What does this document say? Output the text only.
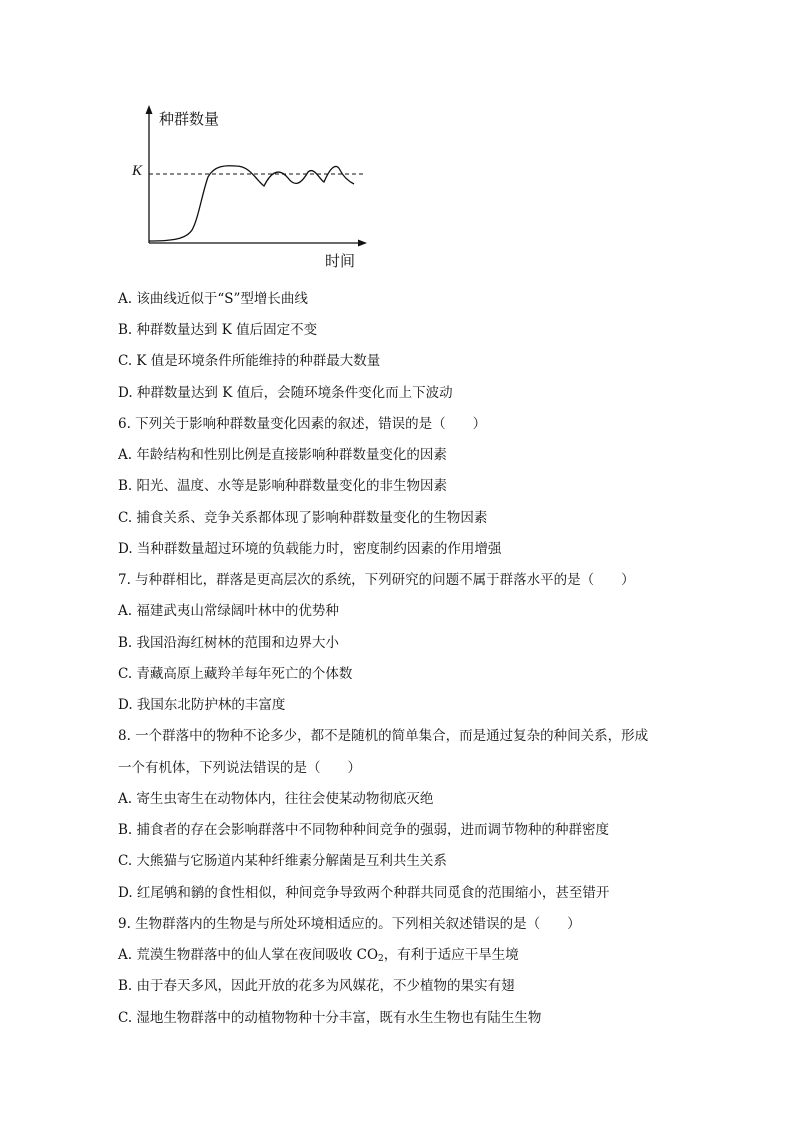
K
种群数量
时间
A. 该曲线近似于“S”型增长曲线
B. 种群数量达到 K 值后固定不变
C. K 值是环境条件所能维持的种群最大数量
D. 种群数量达到 K 值后，会随环境条件变化而上下波动
6. 下列关于影响种群数量变化因素的叙述，错误的是（　　）
A. 年龄结构和性别比例是直接影响种群数量变化的因素
B. 阳光、温度、水等是影响种群数量变化的非生物因素
C. 捕食关系、竞争关系都体现了影响种群数量变化的生物因素
D. 当种群数量超过环境的负载能力时，密度制约因素的作用增强
7. 与种群相比，群落是更高层次的系统，下列研究的问题不属于群落水平的是（　　）
A. 福建武夷山常绿阔叶林中的优势种
B. 我国沿海红树林的范围和边界大小
C. 青藏高原上藏羚羊每年死亡的个体数
D. 我国东北防护林的丰富度
8. 一个群落中的物种不论多少，都不是随机的简单集合，而是通过复杂的种间关系，形成
一个有机体，下列说法错误的是（　　）
A. 寄生虫寄生在动物体内，往往会使某动物彻底灭绝
B. 捕食者的存在会影响群落中不同物种种间竞争的强弱，进而调节物种的种群密度
C. 大熊猫与它肠道内某种纤维素分解菌是互利共生关系
D. 红尾鸲和鹟的食性相似，种间竞争导致两个种群共同觅食的范围缩小，甚至错开
9. 生物群落内的生物是与所处环境相适应的。下列相关叙述错误的是（　　）
A. 荒漠生物群落中的仙人掌在夜间吸收 $CO_2$，有利于适应干旱生境
B. 由于春天多风，因此开放的花多为风媒花，不少植物的果实有翅
C. 湿地生物群落中的动植物物种十分丰富，既有水生生物也有陆生生物
